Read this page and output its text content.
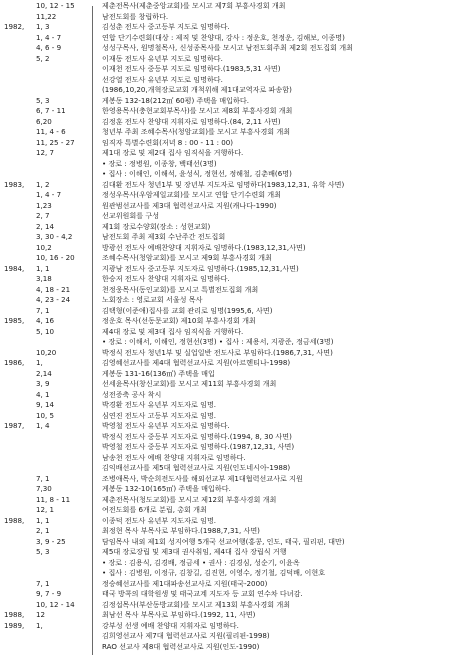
10, 12 - 15	제춘전목사(제춘중앙교회)를 모시고 제7회 부흥사경회 개최
11,22	남전도회를 창립하다.
1982, 1, 3	김성춘 전도사 중고등부 지도로 임명하다.
1, 4 - 7	연합 단기수련회(대상 : 제직 및 찬양대, 강사 : 정운호, 천정운, 김해보, 이종명)
4, 6 - 9	성성구목사, 원명철목사, 신성종목사를 모시고 남전도회주최 제2회 전도집회 개최
5, 2	이재동 전도사 유년부 지도로 임명하다.
이재천 전도사 중등부 지도로 임명하다.(1983,5,31 사면)
선강열 전도사 유년부 지도로 임명하다.
(1986,10,20,개혁장로교회 개척위해 제1대교역자로 파송함)
5, 3	게봉동 132-18(212㎡ 60평) 주택을 매입하다.
6, 7 - 11	한영용목사(충현교회부목사)를 모시고 제8회 부흥사경회 개최
6,20	김정훈 전도사 찬양대 지휘자로 임명하다.(84, 2,11 사면)
11, 4 - 6	청년부 주최 조혜수목사(청암교회)를 모시고 부흥사경회 개최
11, 25 - 27	임직자 특별수련회(저녁 8 : 00 - 11 : 00)
12, 7	제1대 장로 및 제2대 집사 임직식을 거행하다.
• 장로 : 정병원, 이종창, 백태선(3명)
• 집사 : 이해인, 이해석, 윤성식, 정현선, 정해철, 김춘배(6명)
1983, 1, 2	김대환 전도사 청년1부 및 장년부 지도자로 임명하다(1983,12,31, 유학 사면)
1, 4 - 7	정성우목사(우암제일교회)를 모시고 연합 단기수련회 개최
1,23	원관범선교사를 제3대 협력선교사로 지원(캐나다-1990)
2, 7	선교위원회를 구성
2, 14	제1회 장로수양회(장소 : 성현교회)
3, 30 - 4,2	남전도회 주최 제3회 수난주간 전도집회
10,2	방광선 전도사 예배찬양대 지휘자로 임명하다.(1983,12,31,사면)
10, 16 - 20	조혜수목사(청암교회)를 모시고 제9회 부흥사경회 개최
1984, 1, 1	지광남 전도사 중고등부 지도자로 임명하다.(1985,12,31,사면)
3,18	한승저 전도사 찬양대 지휘자로 임명하다.
4, 18 - 21	천정웅목사(동인교회)를 모시고 특별전도집회 개최
4, 23 - 24	노회장소 : 영로교회 서울성 목사
7, 1	김택형(이준애)집사를 교회 관리로 임명(1995,6, 사면)
1985, 4, 16	정운호 목사(선동문교회) 제10회 부흥사경회 개최
5, 10	제4대 장로 및 제3대 집사 임직식을 거행하다.
• 장로 : 이해서, 이해인, 정현선(3명) • 집사 : 제용서, 지광준, 정금세(3명)
10,20	박정식 전도사 청년1부 및 실업일반 전도사로 부임하다.(1986,7,31, 사면)
1986, 1,	김영혜선교사를 제4대 협력선교사로 지원(아르헨티나-1998)
2,14	게봉동 131-16(136㎡) 주택을 매입
3, 9	선세윤목사(창신교회)를 모시고 제11회 부흥사경회 개최
4, 1	성전증축 공사 착시
9, 14	박경환 전도사 유년부 지도자로 임명.
10, 5	심연진 전도사 고등부 지도자로 임명.
1987, 1, 4	박영철 전도사 유년부 지도자로 임명하다.
박정식 전도사 중등부 지도자로 임명하다.(1994, 8, 30 사면)
박영철 전도사 중등부 지도자로 임명하다.(1987,12,31, 사면)
남송천 전도사 예배 찬양대 지휘자로 임명하다.
김익배선교사를 제5대 협력선교사로 지원(인도네시아-1988)
7, 1	조병애목사, 박순희전도사를 해외선교부 제1대협력선교사로 지원
7,30	게봉동 132-10(165㎡) 주택을 매입하다.
11, 8 - 11	제춘전목사(청도교회)를 모시고 제12회 부흥사경회 개최
12, 1	여전도회를 6개로 분립, 총회 개최
1988, 1, 1	이종덕 전도사 유년부 지도자로 임명.
2, 1	최정현 목사 부목사로 부임하다.(1988,7,31, 사면)
3, 9 - 25	담임목사 내외 제1회 성지여행 5개국 선교여행(홍콩, 인도, 태국, 필리핀, 대만)
5, 3	제5대 장로장립 및 제3대 권사취임, 제4대 집사 장립식 거행
• 장로 : 김용식, 김경배, 정금세 • 권사 : 김경심, 성순기, 이윤옥
• 집사 : 김병원, 이정규, 김창길, 김진현, 이영수, 정기철, 김덕배, 이현호
7, 1	정승혜선교사를 제1대파송선교사로 지원(태국-2000)
9, 7 - 9	태국 방콕의 대학원생 및 태국교계 지도자 등 교회 연수차 다녀감.
10, 12 - 14	김정섭목사(부산동방교회)를 모시고 제13회 부흥사경회 개최
1988, 12	최남선 목사 부목사로 부임하다.(1992, 11, 사면)
1989, 1,	강부성 선생 예배 찬양대 지휘자로 임명하다.
김희영선교사 제7대 협력선교사로 지원(필리핀-1998)
RAO 선교사 제8대 협력선교사로 지원(인도-1990)
